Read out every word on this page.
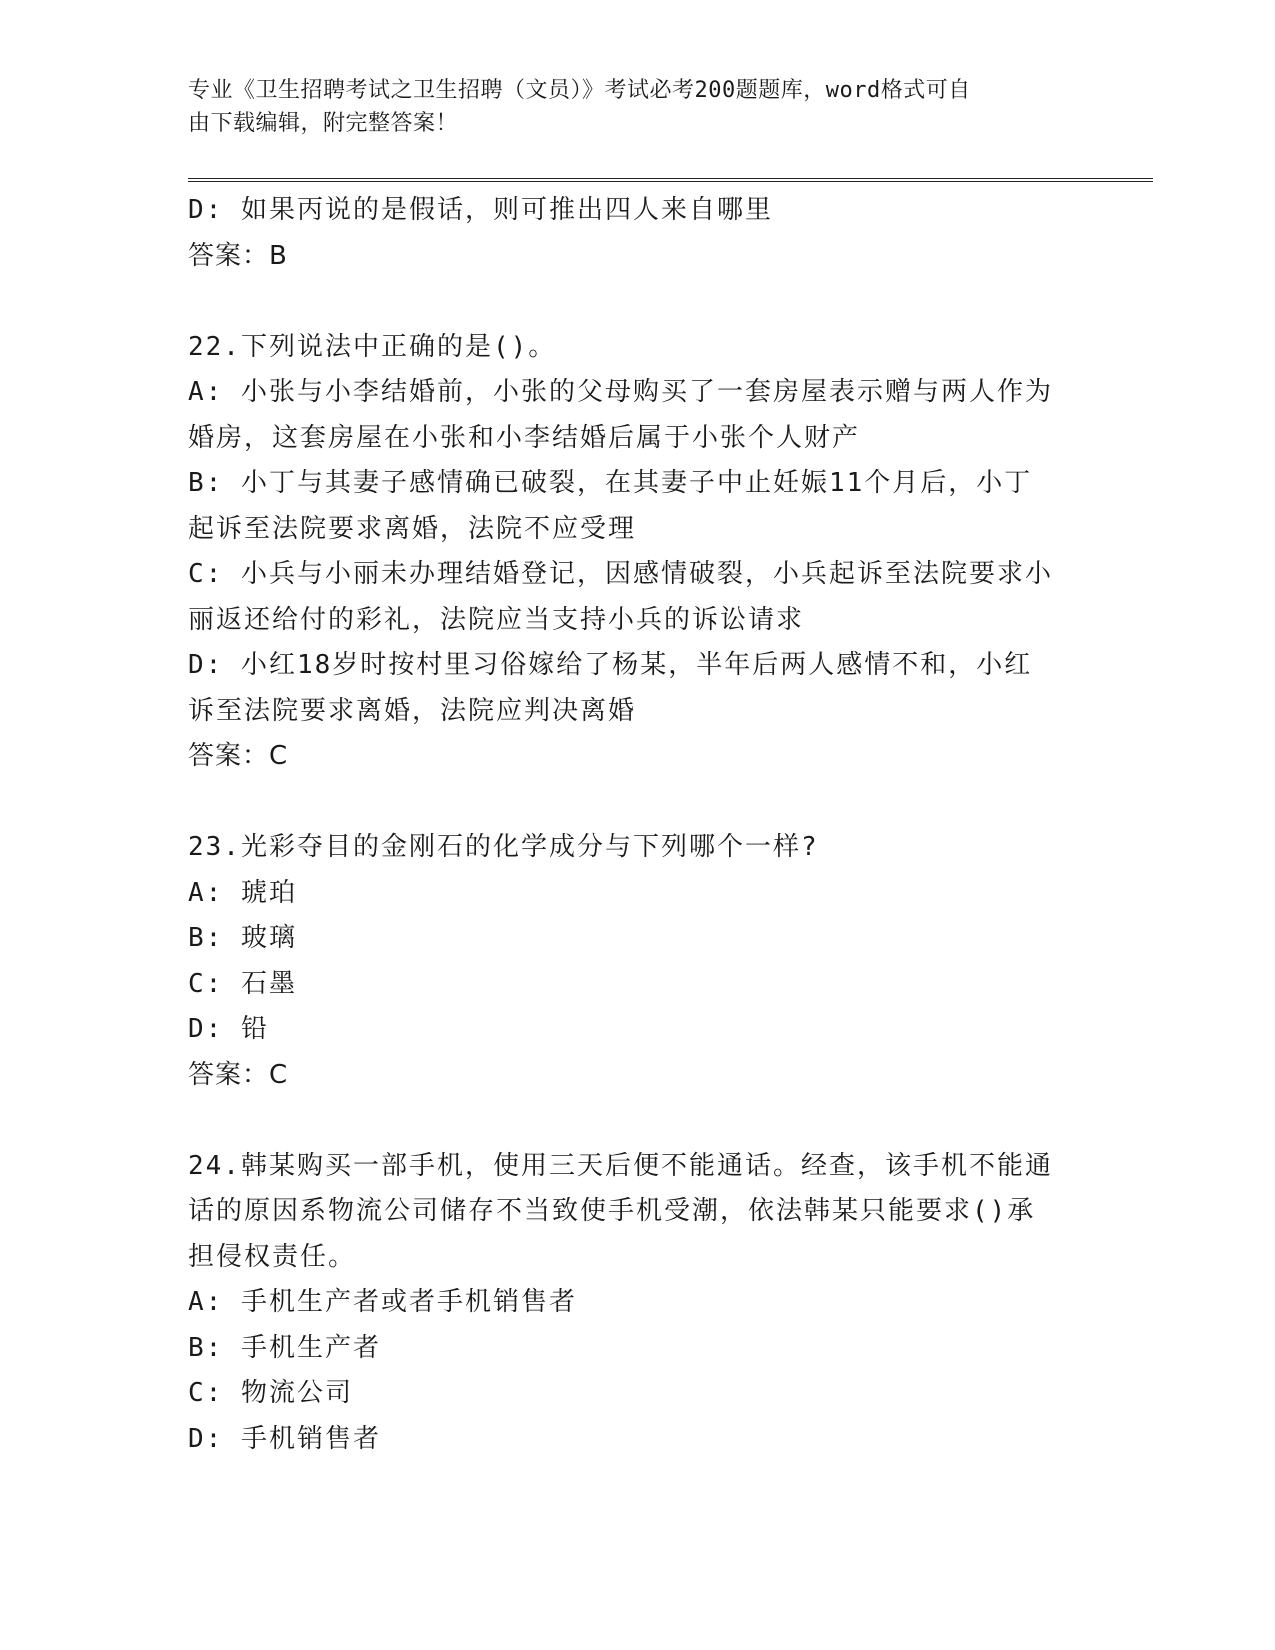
专业《卫生招聘考试之卫生招聘（文员）》考试必考200题题库，word格式可自
由下载编辑，附完整答案！
D: 如果丙说的是假话，则可推出四人来自哪里
答案：B
22.下列说法中正确的是()。
A: 小张与小李结婚前，小张的父母购买了一套房屋表示赠与两人作为
婚房，这套房屋在小张和小李结婚后属于小张个人财产
B: 小丁与其妻子感情确已破裂，在其妻子中止妊娠11个月后，小丁
起诉至法院要求离婚，法院不应受理
C: 小兵与小丽未办理结婚登记，因感情破裂，小兵起诉至法院要求小
丽返还给付的彩礼，法院应当支持小兵的诉讼请求
D: 小红18岁时按村里习俗嫁给了杨某，半年后两人感情不和，小红
诉至法院要求离婚，法院应判决离婚
答案：C
23.光彩夺目的金刚石的化学成分与下列哪个一样?
A: 琥珀
B: 玻璃
C: 石墨
D: 铅
答案：C
24.韩某购买一部手机，使用三天后便不能通话。经查，该手机不能通
话的原因系物流公司储存不当致使手机受潮，依法韩某只能要求()承
担侵权责任。
A: 手机生产者或者手机销售者
B: 手机生产者
C: 物流公司
D: 手机销售者
